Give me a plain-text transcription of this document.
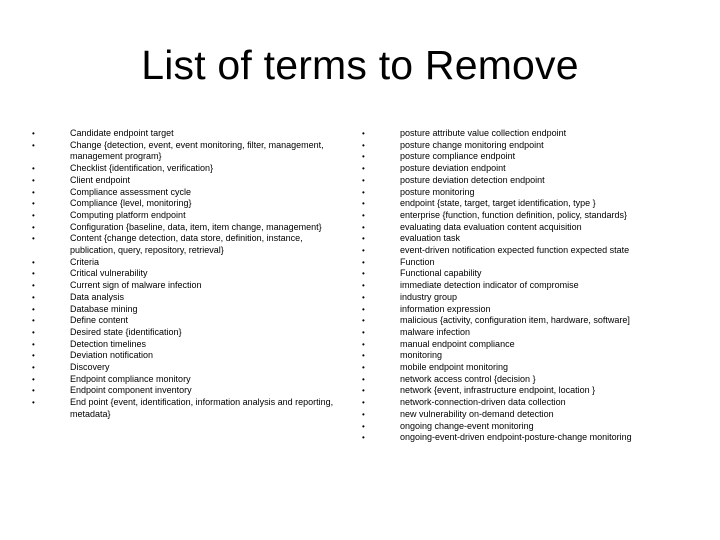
List of terms to Remove
•	Candidate endpoint target
•	Change {detection, event, event monitoring, filter, management, management program}
•	Checklist {identification, verification}
•	Client endpoint
•	Compliance assessment cycle
•	Compliance {level, monitoring}
•	Computing platform endpoint
•	Configuration {baseline, data, item, item change, management}
•	Content {change detection, data store, definition, instance, publication, query, repository, retrieval}
•	Criteria
•	Critical vulnerability
•	Current sign of malware infection
•	Data analysis
•	Database mining
•	Define content
•	Desired state {identification}
•	Detection timelines
•	Deviation notification
•	Discovery
•	Endpoint compliance monitory
•	Endpoint component inventory
•	End point {event, identification, information analysis and reporting, metadata}
•	posture attribute value collection endpoint
•	posture change monitoring endpoint
•	posture compliance endpoint
•	posture deviation endpoint
•	posture deviation detection endpoint
•	posture monitoring
•	endpoint {state, target, target identification, type }
•	enterprise {function, function definition, policy, standards}
•	evaluating data evaluation content acquisition
•	evaluation task
•	event-driven notification expected function expected state
•	Function
•	Functional capability
•	immediate detection indicator of compromise
•	industry group
•	information expression
•	malicious {activity, configuration item, hardware, software]
•	malware infection
•	manual endpoint compliance
•	monitoring
•	mobile endpoint monitoring
•	network access control {decision }
•	network {event, infrastructure endpoint, location }
•	network-connection-driven data collection
•	new vulnerability on-demand detection
•	ongoing change-event monitoring
•	ongoing-event-driven endpoint-posture-change monitoring
